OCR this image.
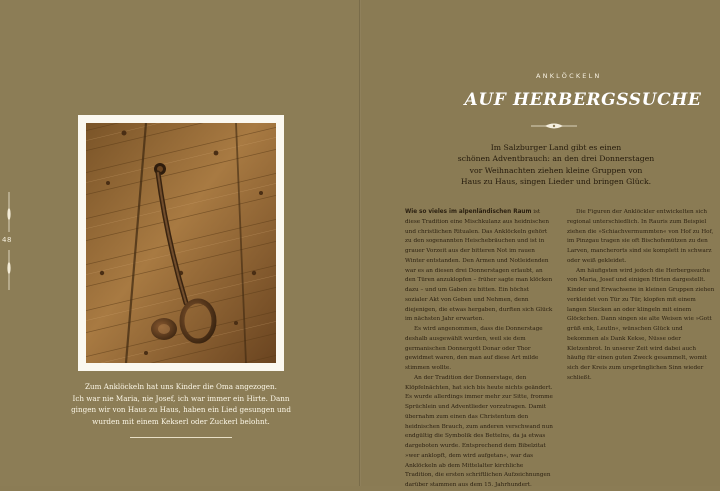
48
Zum Anklöckeln hat uns Kinder die Oma angezogen.
Ich war nie Maria, nie Josef, ich war immer ein Hirte. Dann
gingen wir von Haus zu Haus, haben ein Lied gesungen und
wurden mit einem Kekserl oder Zuckerl belohnt.
ANKLÖCKELN
AUF HERBERGSSUCHE
Im Salzburger Land gibt es einen
schönen Adventbrauch: an den drei Donnerstagen
vor Weihnachten ziehen kleine Gruppen von
Haus zu Haus, singen Lieder und bringen Glück.

Wie so vieles im alpenländischen Raum ist diese Tradition eine Mischkulanz aus heidnischen und christlichen Ritualen. Das Anklöckeln gehört zu den sogenannten Heischebräuchen und ist in grauer Vorzeit aus der bitteren Not im rauen Winter entstanden. Den Armen und Notleidenden war es an diesen drei Donnerstagen erlaubt, an den Türen anzuklopfen – früher sagte man klöcken dazu – und um Gaben zu bitten. Ein höchst sozialer Akt von Geben und Nehmen, denn diejenigen, die etwas hergaben, durften sich Glück im nächsten Jahr erwarten.

Es wird angenommen, dass die Donnerstage deshalb ausgewählt wurden, weil sie dem germanischen Donnergott Donar oder Thor gewidmet waren, den man auf diese Art milde stimmen wollte.

An der Tradition der Donnerstage, den Klöpfelnächten, hat sich bis heute nichts geändert. Es wurde allerdings immer mehr zur Sitte, fromme Sprüchlein und Adventlieder vorzutragen. Damit übernahm zum einen das Christentum den heidnischen Brauch, zum anderen verschwand nun endgültig die Symbolik des Bettelns, da ja etwas dargeboten wurde. Entsprechend dem Bibelzitat »wer anklopft, dem wird aufgetan«, war das Anklöckeln ab dem Mittelalter kirchliche Tradition, die ersten schriftlichen Aufzeichnungen darüber stammen aus dem 15. Jahrhundert.

Die Figuren der Anklöckler entwickelten sich regional unterschiedlich. In Rauris zum Beispiel ziehen die »Schiachvermummten« von Hof zu Hof, im Pinzgau tragen sie oft Bischofsmützen zu den Larven, mancherorts sind sie komplett in schwarz oder weiß gekleidet.

Am häufigsten wird jedoch die Herbergssuche von Maria, Josef und einigen Hirten dargestellt. Kinder und Erwachsene in kleinen Gruppen ziehen verkleidet von Tür zu Tür, klopfen mit einem langen Stecken an oder klingeln mit einem Glöckchen. Dann singen sie alte Weisen wie »Gott grüß enk, Leutln«, wünschen Glück und bekommen als Dank Kekse, Nüsse oder Kletzenbrot. In unserer Zeit wird dabei auch häufig für einen guten Zweck gesammelt, womit sich der Kreis zum ursprünglichen Sinn wieder schließt.
